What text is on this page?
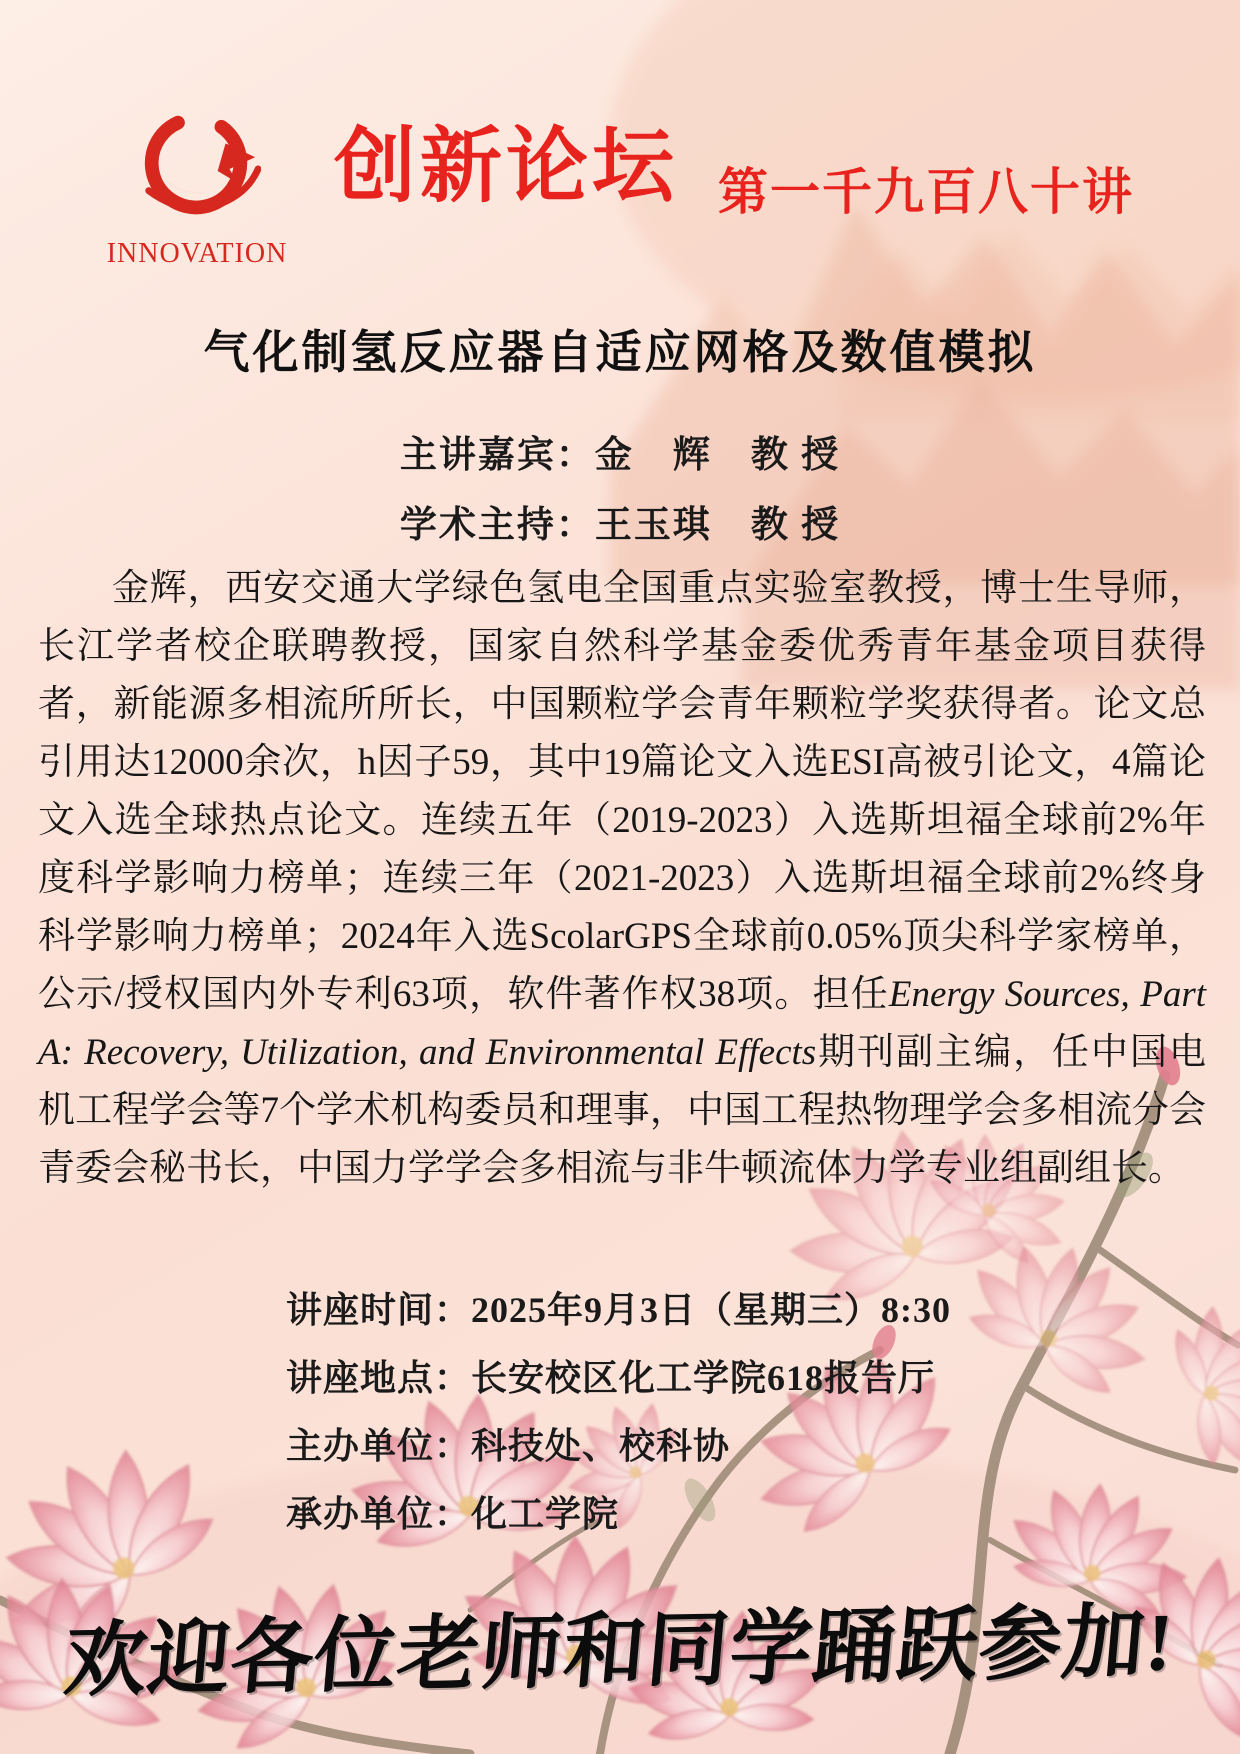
INNOVATION
创新论坛 第一千九百八十讲
气化制氢反应器自适应网格及数值模拟

主讲嘉宾：金　辉　教 授

学术主持：王玉琪　教 授

金辉，西安交通大学绿色氢电全国重点实验室教授，博士生导师，长江学者校企联聘教授，国家自然科学基金委优秀青年基金项目获得者，新能源多相流所所长，中国颗粒学会青年颗粒学奖获得者。论文总引用达12000余次，h因子59，其中19篇论文入选ESI高被引论文，4篇论文入选全球热点论文。连续五年（2019-2023）入选斯坦福全球前2%年度科学影响力榜单；连续三年（2021-2023）入选斯坦福全球前2%终身科学影响力榜单；2024年入选ScolarGPS全球前0.05%顶尖科学家榜单，公示/授权国内外专利63项，软件著作权38项。担任Energy Sources, Part A: Recovery, Utilization, and Environmental Effects期刊副主编，任中国电机工程学会等7个学术机构委员和理事，中国工程热物理学会多相流分会青委会秘书长，中国力学学会多相流与非牛顿流体力学专业组副组长。

讲座时间：2025年9月3日（星期三）8:30

讲座地点：长安校区化工学院618报告厅

主办单位：科技处、校科协

承办单位：化工学院

欢迎各位老师和同学踊跃参加!
